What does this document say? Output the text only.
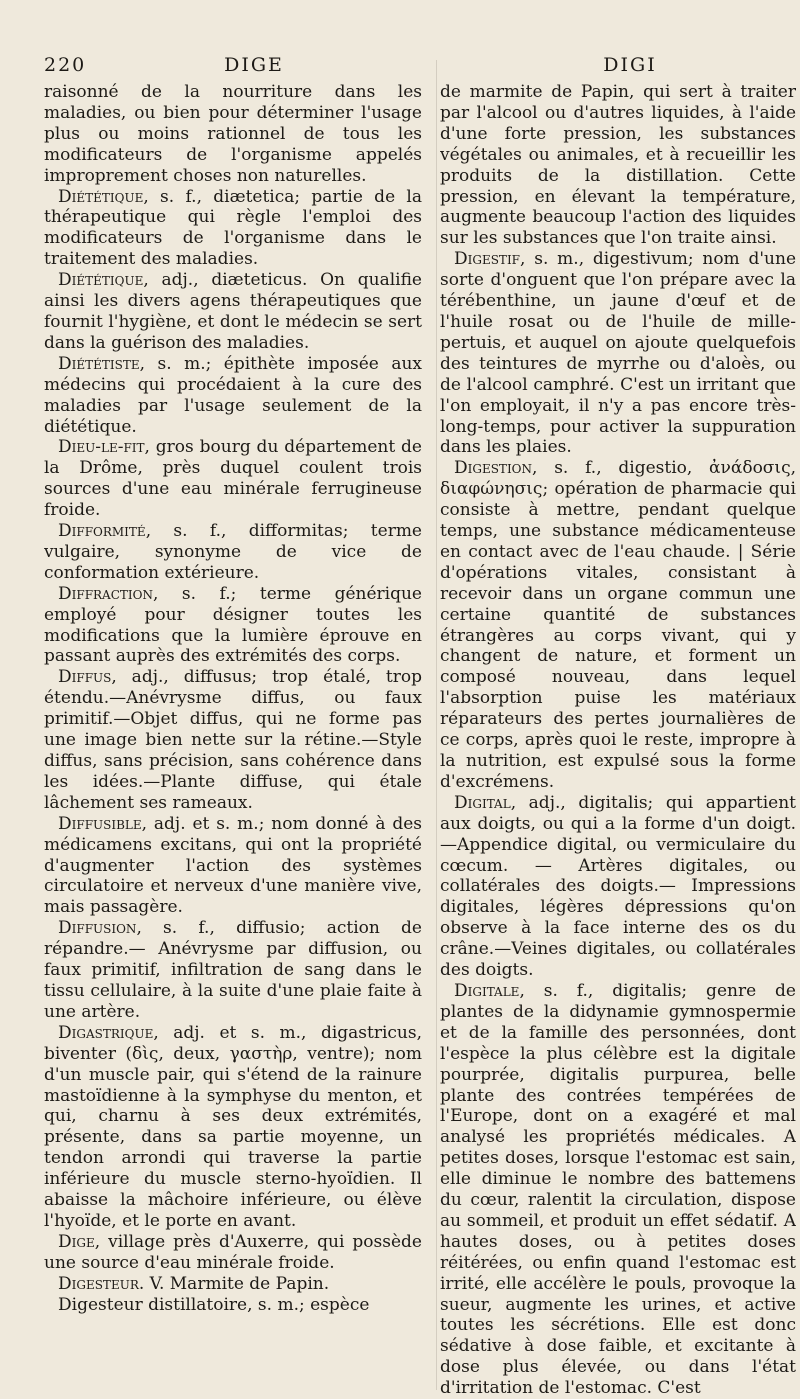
220	DIGE	DIGI

raisonné de la nourriture dans les maladies, ou bien pour déterminer l'usage plus ou moins rationnel de tous les modificateurs de l'organisme appelés improprement choses non naturelles.

Diététique, s. f., diætetica; partie de la thérapeutique qui règle l'emploi des modificateurs de l'organisme dans le traitement des maladies.

Diététique, adj., diæteticus. On qualifie ainsi les divers agens thérapeutiques que fournit l'hygiène, et dont le médecin se sert dans la guérison des maladies.

Diététiste, s. m.; épithète imposée aux médecins qui procédaient à la cure des maladies par l'usage seulement de la diététique.

Dieu-le-fit, gros bourg du département de la Drôme, près duquel coulent trois sources d'une eau minérale ferrugineuse froide.

Difformité, s. f., difformitas; terme vulgaire, synonyme de vice de conformation extérieure.

Diffraction, s. f.; terme générique employé pour désigner toutes les modifications que la lumière éprouve en passant auprès des extrémités des corps.

Diffus, adj., diffusus; trop étalé, trop étendu.—Anévrysme diffus, ou faux primitif.—Objet diffus, qui ne forme pas une image bien nette sur la rétine.—Style diffus, sans précision, sans cohérence dans les idées.—Plante diffuse, qui étale lâchement ses rameaux.

Diffusible, adj. et s. m.; nom donné à des médicamens excitans, qui ont la propriété d'augmenter l'action des systèmes circulatoire et nerveux d'une manière vive, mais passagère.

Diffusion, s. f., diffusio; action de répandre.— Anévrysme par diffusion, ou faux primitif, infiltration de sang dans le tissu cellulaire, à la suite d'une plaie faite à une artère.

Digastrique, adj. et s. m., digastricus, biventer (δὶς, deux, γαστὴρ, ventre); nom d'un muscle pair, qui s'étend de la rainure mastoïdienne à la symphyse du menton, et qui, charnu à ses deux extrémités, présente, dans sa partie moyenne, un tendon arrondi qui traverse la partie inférieure du muscle sterno-hyoïdien. Il abaisse la mâchoire inférieure, ou élève l'hyoïde, et le porte en avant.

Dige, village près d'Auxerre, qui possède une source d'eau minérale froide.

Digesteur. V. Marmite de Papin.

Digesteur distillatoire, s. m.; espèce

de marmite de Papin, qui sert à traiter par l'alcool ou d'autres liquides, à l'aide d'une forte pression, les substances végétales ou animales, et à recueillir les produits de la distillation. Cette pression, en élevant la température, augmente beaucoup l'action des liquides sur les substances que l'on traite ainsi.

Digestif, s. m., digestivum; nom d'une sorte d'onguent que l'on prépare avec la térébenthine, un jaune d'œuf et de l'huile rosat ou de l'huile de mille-pertuis, et auquel on ajoute quelquefois des teintures de myrrhe ou d'aloès, ou de l'alcool camphré. C'est un irritant que l'on employait, il n'y a pas encore très-long-temps, pour activer la suppuration dans les plaies.

Digestion, s. f., digestio, ἀνάδοσις, διαφώνησις; opération de pharmacie qui consiste à mettre, pendant quelque temps, une substance médicamenteuse en contact avec de l'eau chaude. | Série d'opérations vitales, consistant à recevoir dans un organe commun une certaine quantité de substances étrangères au corps vivant, qui y changent de nature, et forment un composé nouveau, dans lequel l'absorption puise les matériaux réparateurs des pertes journalières de ce corps, après quoi le reste, impropre à la nutrition, est expulsé sous la forme d'excrémens.

Digital, adj., digitalis; qui appartient aux doigts, ou qui a la forme d'un doigt.—Appendice digital, ou vermiculaire du cœcum. — Artères digitales, ou collatérales des doigts.— Impressions digitales, légères dépressions qu'on observe à la face interne des os du crâne.—Veines digitales, ou collatérales des doigts.

Digitale, s. f., digitalis; genre de plantes de la didynamie gymnospermie et de la famille des personnées, dont l'espèce la plus célèbre est la digitale pourprée, digitalis purpurea, belle plante des contrées tempérées de l'Europe, dont on a exagéré et mal analysé les propriétés médicales. A petites doses, lorsque l'estomac est sain, elle diminue le nombre des battemens du cœur, ralentit la circulation, dispose au sommeil, et produit un effet sédatif. A hautes doses, ou à petites doses réitérées, ou enfin quand l'estomac est irrité, elle accélère le pouls, provoque la sueur, augmente les urines, et active toutes les sécrétions. Elle est donc sédative à dose faible, et excitante à dose plus élevée, ou dans l'état d'irritation de l'estomac. C'est
